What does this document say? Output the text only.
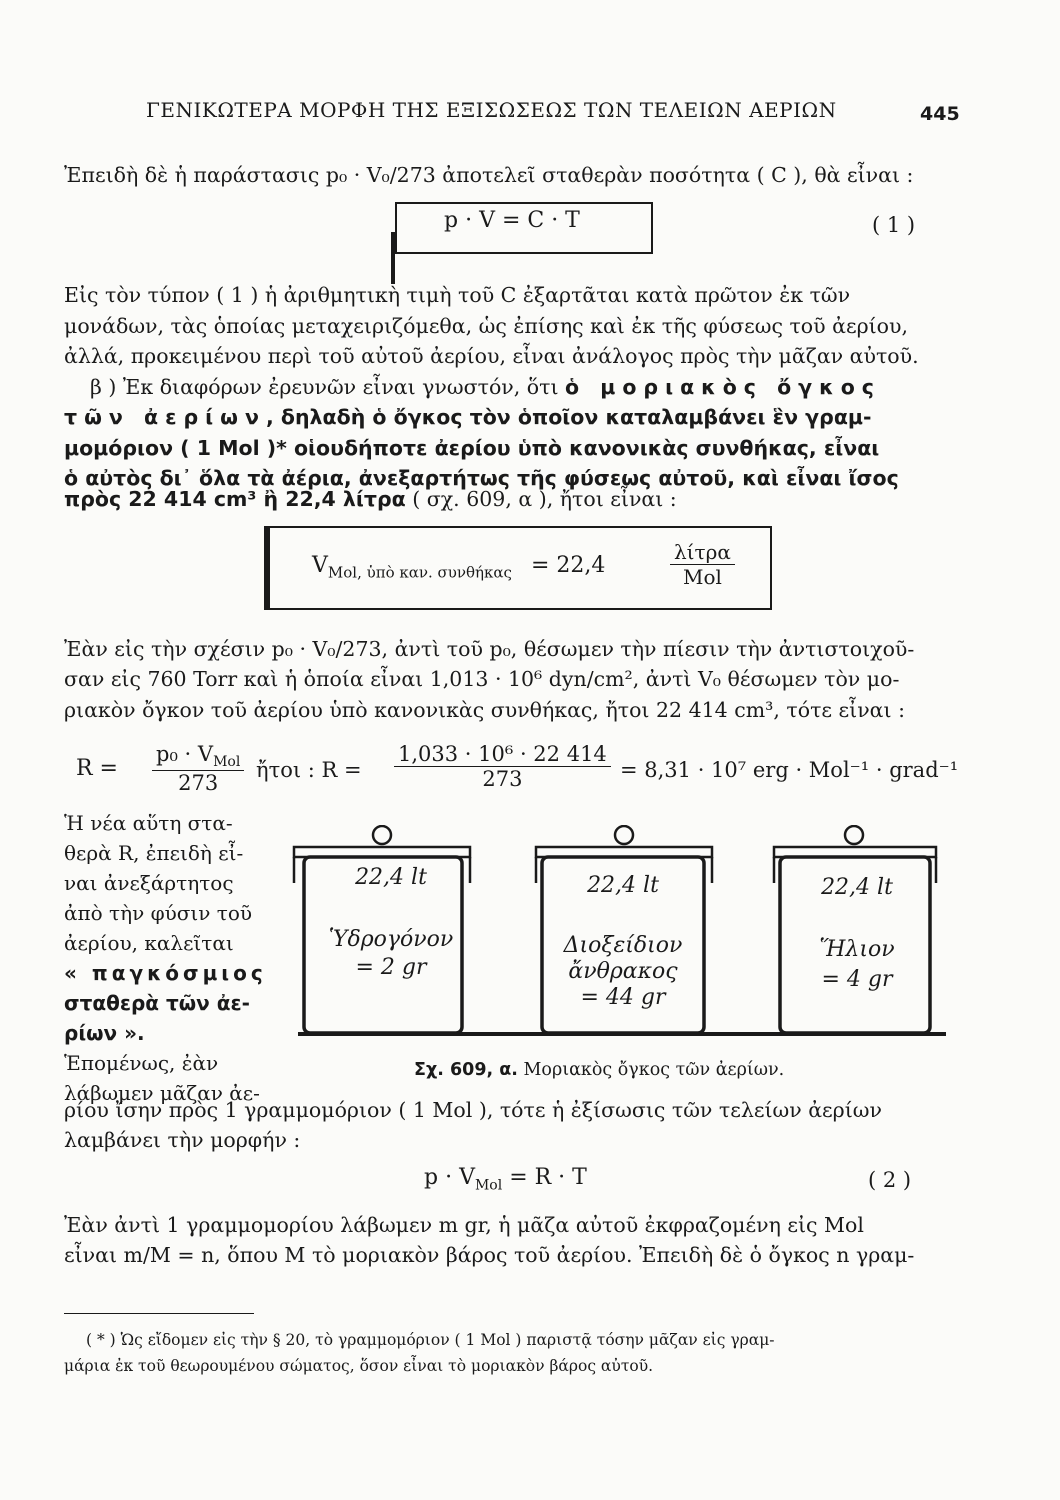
ΓΕΝΙΚΩΤΕΡΑ ΜΟΡΦΗ ΤΗΣ ΕΞΙΣΩΣΕΩΣ ΤΩΝ ΤΕΛΕΙΩΝ ΑΕΡΙΩΝ	445
Ἐπειδὴ δὲ ἡ παράστασις p₀ · V₀/273 ἀποτελεῖ σταθερὰν ποσότητα ( C ), θὰ εἶναι :
p · V = C · T	( 1 )
Εἰς τὸν τύπον ( 1 ) ἡ ἀριθμητικὴ τιμὴ τοῦ C ἐξαρτᾶται κατὰ πρῶτον ἐκ τῶν
μονάδων, τὰς ὁποίας μεταχειριζόμεθα, ὡς ἐπίσης καὶ ἐκ τῆς φύσεως τοῦ ἀερίου,
ἀλλά, προκειμένου περὶ τοῦ αὐτοῦ ἀερίου, εἶναι ἀνάλογος πρὸς τὴν μᾶζαν αὐτοῦ.
β ) Ἐκ διαφόρων ἐρευνῶν εἶναι γνωστόν, ὅτι ὁ μοριακὸς ὄγκος
τῶν ἀερίων, δηλαδὴ ὁ ὄγκος τὸν ὁποῖον καταλαμβάνει ἓν γραμ-
μομόριον ( 1 Mol )* οἱουδήποτε ἀερίου ὑπὸ κανονικὰς συνθήκας, εἶναι
ὁ αὐτὸς δι᾽ ὅλα τὰ ἀέρια, ἀνεξαρτήτως τῆς φύσεως αὐτοῦ, καὶ εἶναι ἴσος
πρὸς 22 414 cm³ ἢ 22,4 λίτρα ( σχ. 609, α ), ἤτοι εἶναι :
$V_{Mol, ὑ\pi ὸ \kappa\alpha\nu. \sigma\upsilon\nu\theta ή\kappa\alpha\varsigma} = 22,4$
λίτρα
Mol
Ἐὰν εἰς τὴν σχέσιν p₀ · V₀/273, ἀντὶ τοῦ p₀, θέσωμεν τὴν πίεσιν τὴν ἀντιστοιχοῦ-
σαν εἰς 760 Torr καὶ ἡ ὁποία εἶναι 1,013 · 10⁶ dyn/cm², ἀντὶ V₀ θέσωμεν τὸν μο-
ριακὸν ὄγκον τοῦ ἀερίου ὑπὸ κανονικὰς συνθήκας, ἤτοι 22 414 cm³, τότε εἶναι :
R =
$p_0 \cdot V_{Mol}$
273
ἤτοι : $R = \frac{\text{1,033 · 10⁶ · 22 414}}{273} = 8,31 \cdot 10^7$ erg · Mol⁻¹ · grad⁻¹
Ἡ νέα αὕτη στα-
θερὰ R, ἐπειδὴ εἶ-
ναι ἀνεξάρτητος
ἀπὸ τὴν φύσιν τοῦ
ἀερίου, καλεῖται
« παγκόσμιος
σταθερὰ τῶν ἀε-
ρίων ».
Ἑπομένως, ἐὰν
λάβωμεν μᾶζαν ἀε-
22,4 lt
Ὑδρογόνον
= 2 gr
22,4 lt
Διοξείδιον
ἄνθρακος
= 44 gr
22,4 lt
Ἥλιον
= 4 gr
Σχ. 609, α. Μοριακὸς ὄγκος τῶν ἀερίων.
ρίου ἴσην πρὸς 1 γραμμομόριον ( 1 Mol ), τότε ἡ ἐξίσωσις τῶν τελείων ἀερίων
λαμβάνει τὴν μορφήν :
$p \cdot V_{Mol} = R \cdot T$	( 2 )
Ἐὰν ἀντὶ 1 γραμμομορίου λάβωμεν m gr, ἡ μᾶζα αὐτοῦ ἐκφραζομένη εἰς Mol
εἶναι m/M = n, ὅπου M τὸ μοριακὸν βάρος τοῦ ἀερίου. Ἐπειδὴ δὲ ὁ ὄγκος n γραμ-
( * ) Ὡς εἴδομεν εἰς τὴν § 20, τὸ γραμμομόριον ( 1 Mol ) παριστᾷ τόσην μᾶζαν εἰς γραμ-
μάρια ἐκ τοῦ θεωρουμένου σώματος, ὅσον εἶναι τὸ μοριακὸν βάρος αὐτοῦ.
